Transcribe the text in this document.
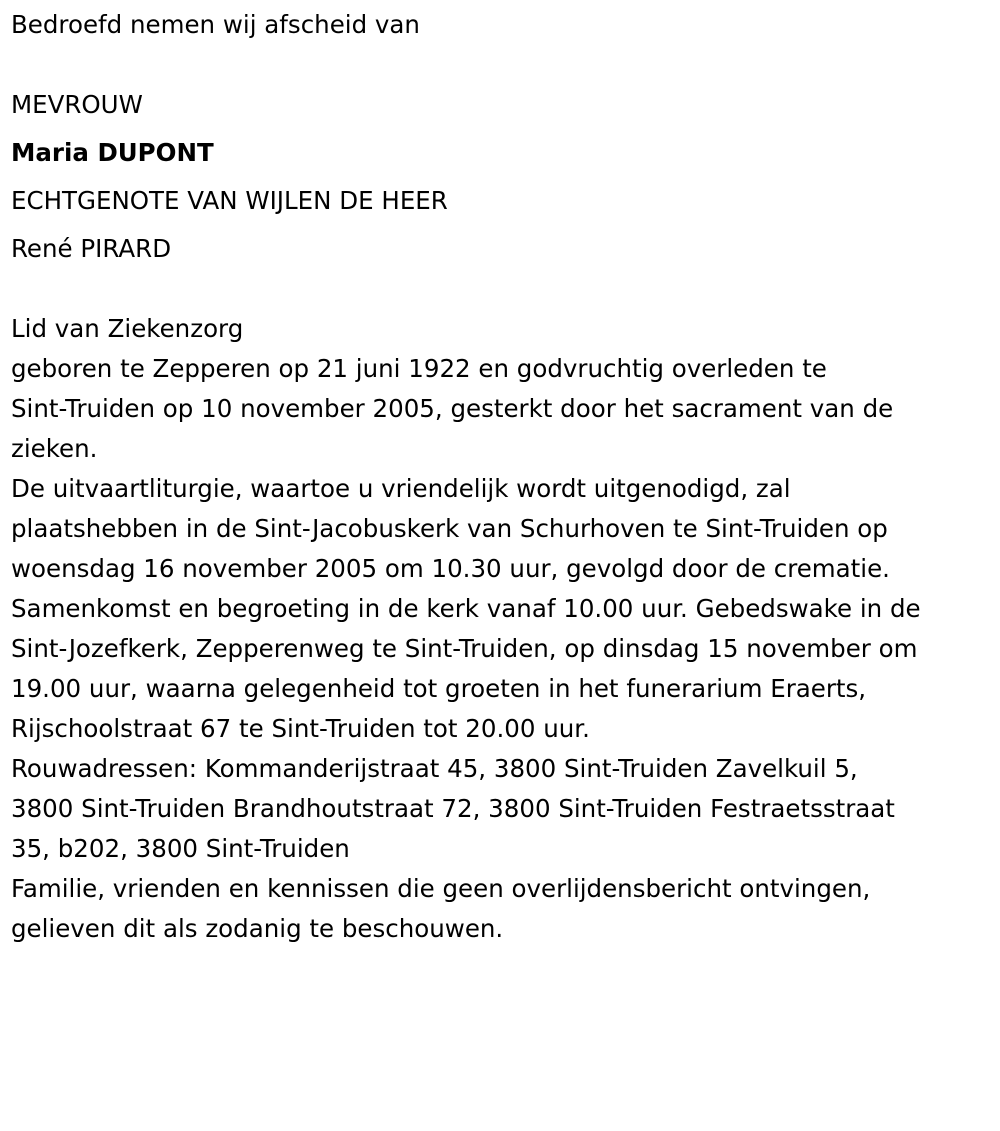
Bedroefd nemen wij afscheid van

MEVROUW

Maria DUPONT

ECHTGENOTE VAN WIJLEN DE HEER

René PIRARD

Lid van Ziekenzorg

geboren te Zepperen op 21 juni 1922 en godvruchtig overleden te
Sint-Truiden op 10 november 2005, gesterkt door het sacrament van de
zieken.

De uitvaartliturgie, waartoe u vriendelijk wordt uitgenodigd, zal
plaatshebben in de Sint-Jacobuskerk van Schurhoven te Sint-Truiden op
woensdag 16 november 2005 om 10.30 uur, gevolgd door de crematie.
Samenkomst en begroeting in de kerk vanaf 10.00 uur. Gebedswake in de
Sint-Jozefkerk, Zepperenweg te Sint-Truiden, op dinsdag 15 november om
19.00 uur, waarna gelegenheid tot groeten in het funerarium Eraerts,
Rijschoolstraat 67 te Sint-Truiden tot 20.00 uur.

Rouwadressen: Kommanderijstraat 45, 3800 Sint-Truiden Zavelkuil 5,
3800 Sint-Truiden Brandhoutstraat 72, 3800 Sint-Truiden Festraetsstraat
35, b202, 3800 Sint-Truiden

Familie, vrienden en kennissen die geen overlijdensbericht ontvingen,
gelieven dit als zodanig te beschouwen.
